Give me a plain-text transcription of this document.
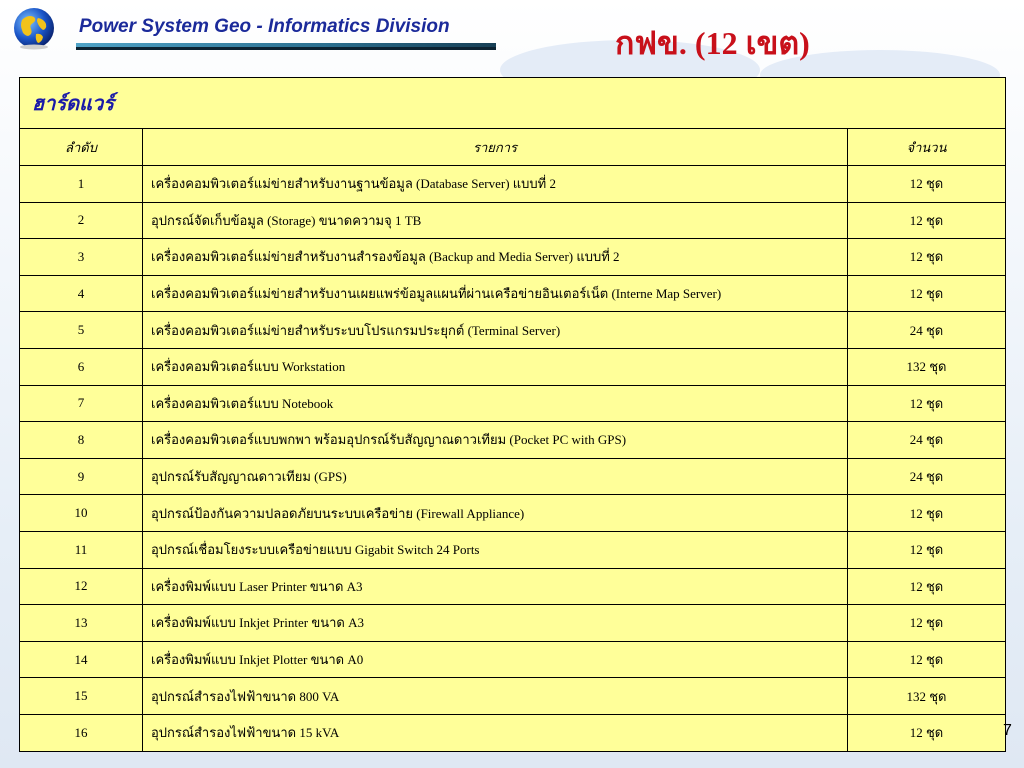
Power System Geo - Informatics Division	กฟข. (12 เขต)
ฮาร์ดแวร์		
ลำดับ	รายการ	จำนวน
1	เครื่องคอมพิวเตอร์แม่ข่ายสำหรับงานฐานข้อมูล (Database Server) แบบที่ 2	12 ชุด
2	อุปกรณ์จัดเก็บข้อมูล (Storage) ขนาดความจุ 1 TB	12 ชุด
3	เครื่องคอมพิวเตอร์แม่ข่ายสำหรับงานสำรองข้อมูล (Backup and Media Server) แบบที่ 2	12 ชุด
4	เครื่องคอมพิวเตอร์แม่ข่ายสำหรับงานเผยแพร่ข้อมูลแผนที่ผ่านเครือข่ายอินเตอร์เน็ต (Interne Map Server)	12 ชุด
5	เครื่องคอมพิวเตอร์แม่ข่ายสำหรับระบบโปรแกรมประยุกต์ (Terminal Server)	24 ชุด
6	เครื่องคอมพิวเตอร์แบบ Workstation	132 ชุด
7	เครื่องคอมพิวเตอร์แบบ Notebook	12 ชุด
8	เครื่องคอมพิวเตอร์แบบพกพา พร้อมอุปกรณ์รับสัญญาณดาวเทียม (Pocket PC with GPS)	24 ชุด
9	อุปกรณ์รับสัญญาณดาวเทียม (GPS)	24 ชุด
10	อุปกรณ์ป้องกันความปลอดภัยบนระบบเครือข่าย (Firewall Appliance)	12 ชุด
11	อุปกรณ์เชื่อมโยงระบบเครือข่ายแบบ Gigabit Switch 24 Ports	12 ชุด
12	เครื่องพิมพ์แบบ Laser Printer ขนาด A3	12 ชุด
13	เครื่องพิมพ์แบบ Inkjet Printer ขนาด A3	12 ชุด
14	เครื่องพิมพ์แบบ Inkjet Plotter ขนาด A0	12 ชุด
15	อุปกรณ์สำรองไฟฟ้าขนาด 800 VA	132 ชุด
16	อุปกรณ์สำรองไฟฟ้าขนาด 15 kVA	12 ชุด	7
